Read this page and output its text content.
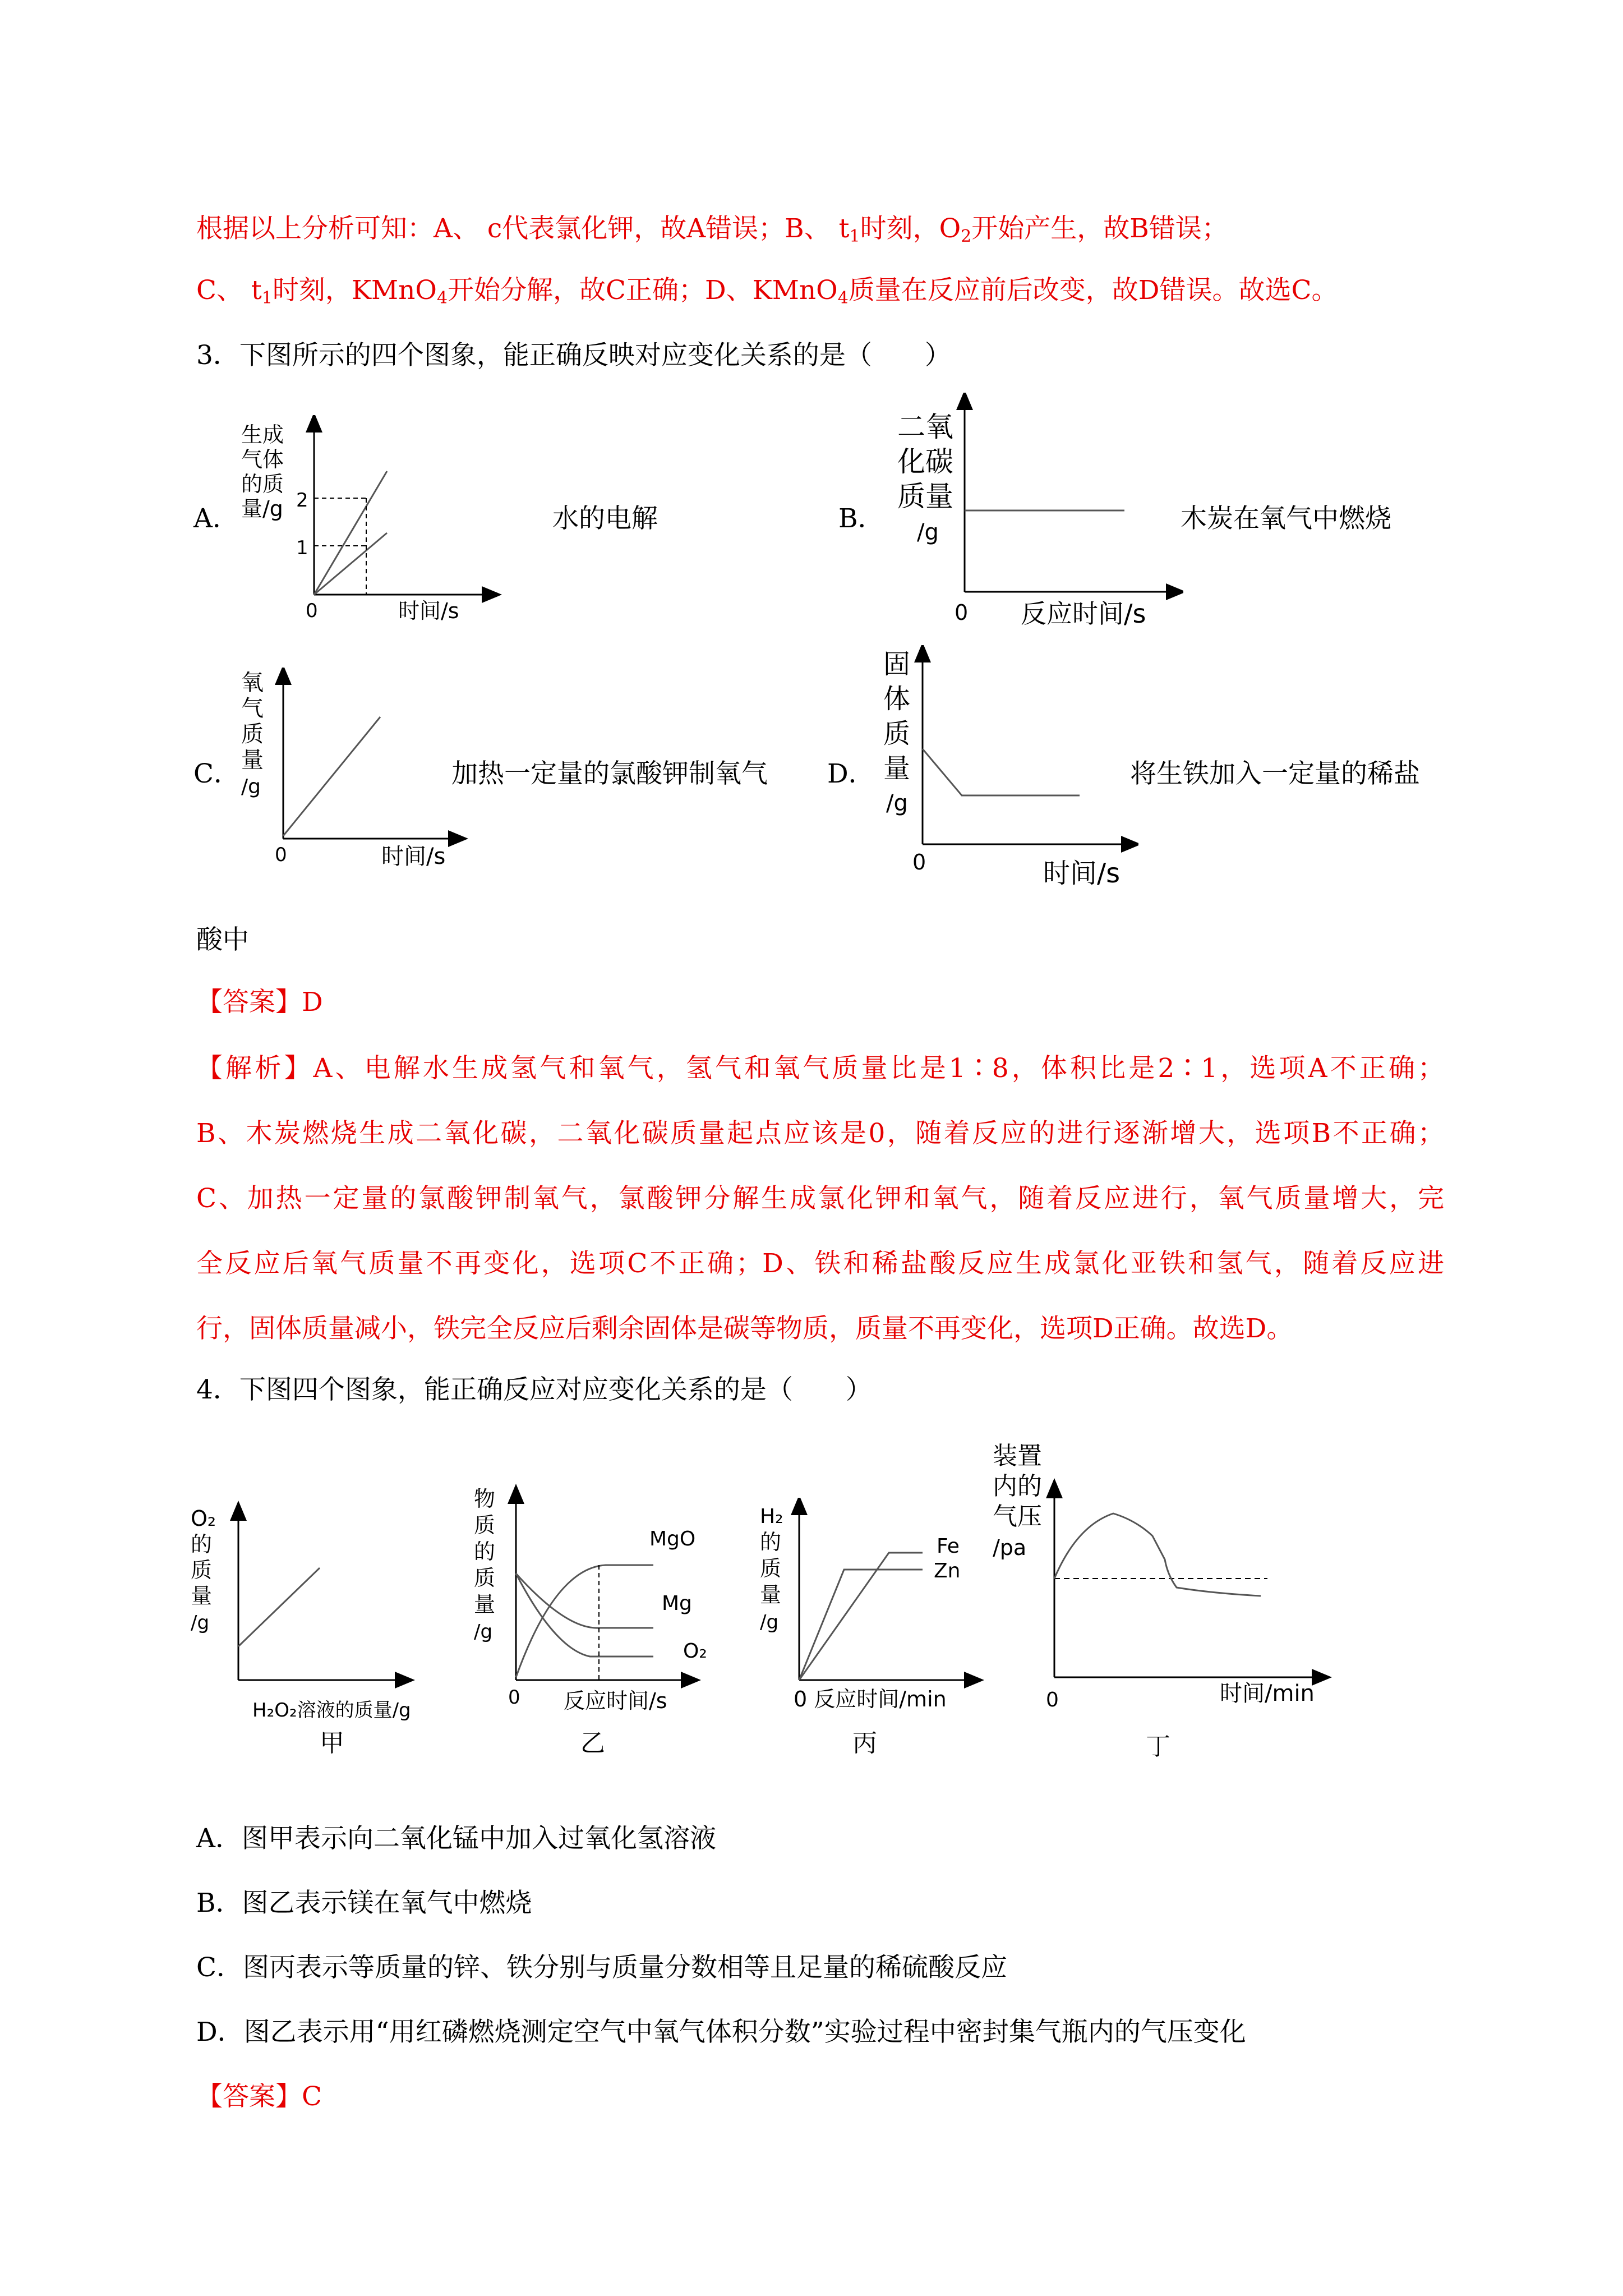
根据以上分析可知：A、 c代表氯化钾，故A错误；B、 $t_1$时刻，$O_2$开始产生，故B错误；
C、 $t_1$时刻，KMnO$_4$开始分解，故C正确；D、KMnO$_4$质量在反应前后改变，故D错误。故选C。
3．下图所示的四个图象，能正确反映对应变化关系的是（　　）
A．
2
1
0	时间/s
生成
气体
的质
量/g	水的电解	B．
0 反应时间/s
二氧
化碳
质量
/g	木炭在氧气中燃烧
C．
0	时间/s
氧
气
质
量
/g	加热一定量的氯酸钾制氧气 D．
0	时间/s
固
体
质
量
/g
将生铁加入一定量的稀盐
酸中
【答案】D
【解析】A、电解水生成氢气和氧气，氢气和氧气质量比是1∶8，体积比是2∶1，选项A不正确；
B、木炭燃烧生成二氧化碳，二氧化碳质量起点应该是0，随着反应的进行逐渐增大，选项B不正确；
C、加热一定量的氯酸钾制氧气，氯酸钾分解生成氯化钾和氧气，随着反应进行，氧气质量增大，完
全反应后氧气质量不再变化，选项C不正确；D、铁和稀盐酸反应生成氯化亚铁和氢气，随着反应进
行，固体质量减小，铁完全反应后剩余固体是碳等物质，质量不再变化，选项D正确。故选D。
4．下图四个图象，能正确反应对应变化关系的是（　　）
O₂
的
质
量
/g
H₂O₂溶液的质量/g
甲
MgO
Mg
O₂
0 反应时间/s
物
质
的
质
量
/g
乙
Fe
Zn
0 反应时间/min
H₂
的
质
量
/g
丙
装置
内的
气压
/pa
0	时间/min
丁
A．图甲表示向二氧化锰中加入过氧化氢溶液
B．图乙表示镁在氧气中燃烧
C．图丙表示等质量的锌、铁分别与质量分数相等且足量的稀硫酸反应
D．图乙表示用“用红磷燃烧测定空气中氧气体积分数”实验过程中密封集气瓶内的气压变化
【答案】C
